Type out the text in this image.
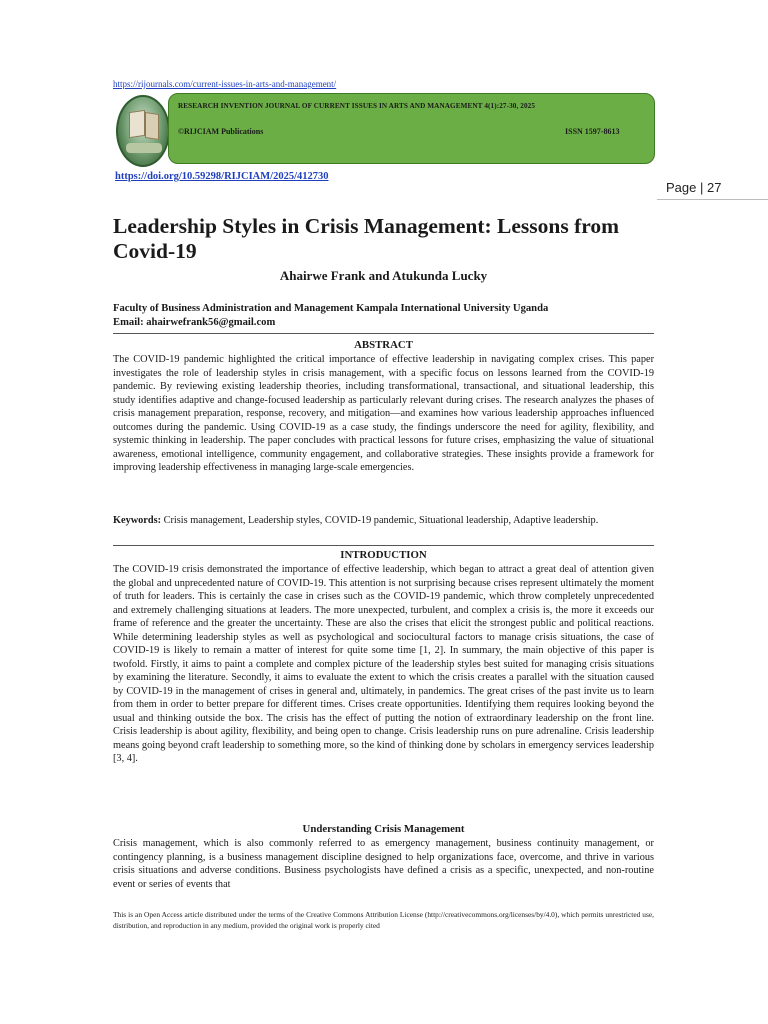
https://rijournals.com/current-issues-in-arts-and-management/
RESEARCH INVENTION JOURNAL OF CURRENT ISSUES IN ARTS AND MANAGEMENT 4(1):27-30, 2025
©RIJCIAM Publications	ISSN 1597-8613
https://doi.org/10.59298/RIJCIAM/2025/412730
Page | 27
Leadership Styles in Crisis Management: Lessons from Covid-19
Ahairwe Frank and Atukunda Lucky
Faculty of Business Administration and Management Kampala International University Uganda
Email: ahairwefrank56@gmail.com
ABSTRACT

The COVID-19 pandemic highlighted the critical importance of effective leadership in navigating complex crises. This paper investigates the role of leadership styles in crisis management, with a specific focus on lessons learned from the COVID-19 pandemic. By reviewing existing leadership theories, including transformational, transactional, and situational leadership, this study identifies adaptive and change-focused leadership as particularly relevant during crises. The research analyzes the phases of crisis management preparation, response, recovery, and mitigation—and examines how various leadership approaches influenced outcomes during the pandemic. Using COVID-19 as a case study, the findings underscore the need for agility, flexibility, and systemic thinking in leadership. The paper concludes with practical lessons for future crises, emphasizing the value of situational awareness, emotional intelligence, community engagement, and collaborative strategies. These insights provide a framework for improving leadership effectiveness in managing large-scale emergencies.

Keywords: Crisis management, Leadership styles, COVID-19 pandemic, Situational leadership, Adaptive leadership.

INTRODUCTION

The COVID-19 crisis demonstrated the importance of effective leadership, which began to attract a great deal of attention given the global and unprecedented nature of COVID-19. This attention is not surprising because crises represent ultimately the moment of truth for leaders. This is certainly the case in crises such as the COVID-19 pandemic, which throw completely unprecedented and extremely challenging situations at leaders. The more unexpected, turbulent, and complex a crisis is, the more it exceeds our frame of reference and the greater the uncertainty. These are also the crises that elicit the strongest public and political reactions. While determining leadership styles as well as psychological and sociocultural factors to manage crisis situations, the case of COVID-19 is likely to remain a matter of interest for quite some time [1, 2]. In summary, the main objective of this paper is twofold. Firstly, it aims to paint a complete and complex picture of the leadership styles best suited for managing crisis situations by examining the literature. Secondly, it aims to evaluate the extent to which the crisis creates a parallel with the situation caused by COVID-19 in the management of crises in general and, ultimately, in pandemics. The great crises of the past invite us to learn from them in order to better prepare for different times. Crises create opportunities. Identifying them requires looking beyond the usual and thinking outside the box. The crisis has the effect of putting the notion of extraordinary leadership on the front line. Crisis leadership is about agility, flexibility, and being open to change. Crisis leadership runs on pure adrenaline. Crisis leadership means going beyond craft leadership to something more, so the kind of thinking done by scholars in emergency services leadership [3, 4].

Understanding Crisis Management

Crisis management, which is also commonly referred to as emergency management, business continuity management, or contingency planning, is a business management discipline designed to help organizations face, overcome, and thrive in various crisis situations and adverse conditions. Business psychologists have defined a crisis as a specific, unexpected, and non-routine event or series of events that

This is an Open Access article distributed under the terms of the Creative Commons Attribution License (http://creativecommons.org/licenses/by/4.0), which permits unrestricted use, distribution, and reproduction in any medium, provided the original work is properly cited
